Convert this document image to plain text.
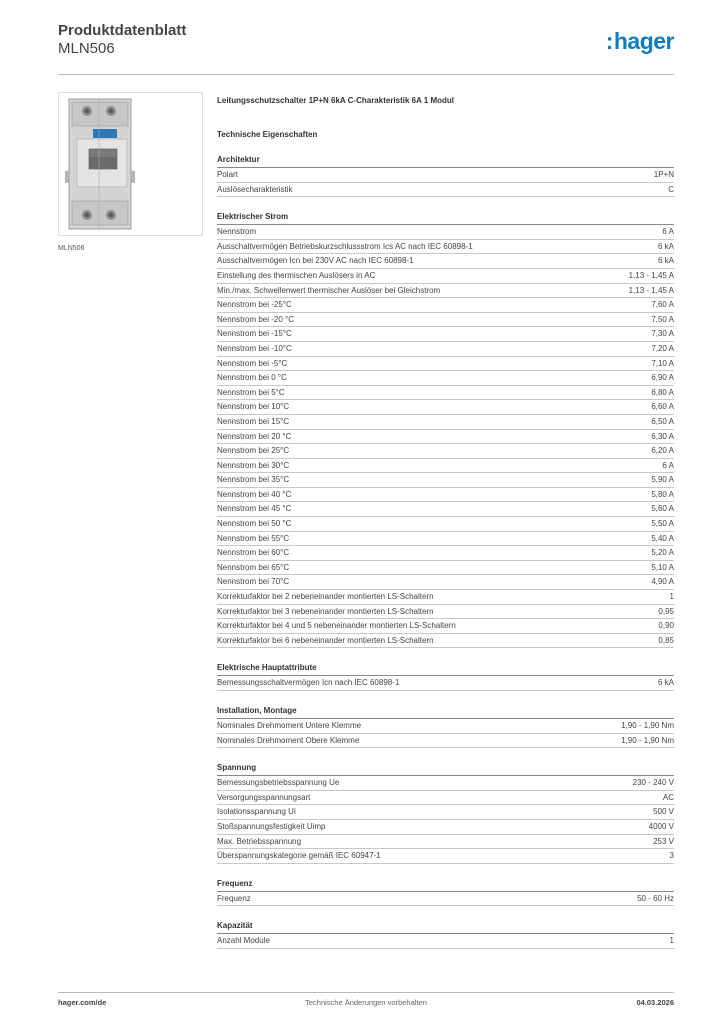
Produktdatenblatt
MLN506	:hager
MLN506
Leitungsschutzschalter 1P+N 6kA C-Charakteristik 6A 1 Modul
Technische Eigenschaften
Architektur
Polart	1P+N
Auslösecharakteristik	C
Elektrischer Strom
Nennstrom	6 A
Ausschaltvermögen Betriebskurzschlussstrom Ics AC nach IEC 60898-1	6 kA
Ausschaltvermögen Icn bei 230V AC nach IEC 60898-1	6 kA
Einstellung des thermischen Auslösers in AC	1,13 - 1,45 A
Min./max. Schwellenwert thermischer Auslöser bei Gleichstrom	1,13 - 1,45 A
Nennstrom bei -25°C	7,60 A
Nennstrom bei -20 °C	7,50 A
Nennstrom bei -15°C	7,30 A
Nennstrom bei -10°C	7,20 A
Nennstrom bei -5°C	7,10 A
Nennstrom bei 0 °C	6,90 A
Nennstrom bei 5°C	6,80 A
Nennstrom bei 10°C	6,60 A
Nennstrom bei 15°C	6,50 A
Nennstrom bei 20 °C	6,30 A
Nennstrom bei 25°C	6,20 A
Nennstrom bei 30°C	6 A
Nennstrom bei 35°C	5,90 A
Nennstrom bei 40 °C	5,80 A
Nennstrom bei 45 °C	5,60 A
Nennstrom bei 50 °C	5,50 A
Nennstrom bei 55°C	5,40 A
Nennstrom bei 60°C	5,20 A
Nennstrom bei 65°C	5,10 A
Nennstrom bei 70°C	4,90 A
Korrekturfaktor bei 2 nebeneinander montierten LS-Schaltern	1
Korrekturfaktor bei 3 nebeneinander montierten LS-Schaltern	0,95
Korrekturfaktor bei 4 und 5 nebeneinander montierten LS-Schaltern	0,90
Korrekturfaktor bei 6 nebeneinander montierten LS-Schaltern	0,85
Elektrische Hauptattribute
Bemessungsschaltvermögen Icn nach IEC 60898-1	6 kA
Installation, Montage
Nominales Drehmoment Untere Klemme	1,90 - 1,90 Nm
Nominales Drehmoment Obere Klemme	1,90 - 1,90 Nm
Spannung
Bemessungsbetriebsspannung Ue	230 - 240 V
Versorgungsspannungsart	AC
Isolationsspannung Ui	500 V
Stoßspannungsfestigkeit Uimp	4000 V
Max. Betriebsspannung	253 V
Überspannungskategorie gemäß IEC 60947-1	3
Frequenz
Frequenz	50 - 60 Hz
Kapazität
Anzahl Module	1
hager.com/de	Technische Änderungen vorbehalten	04.03.2026
